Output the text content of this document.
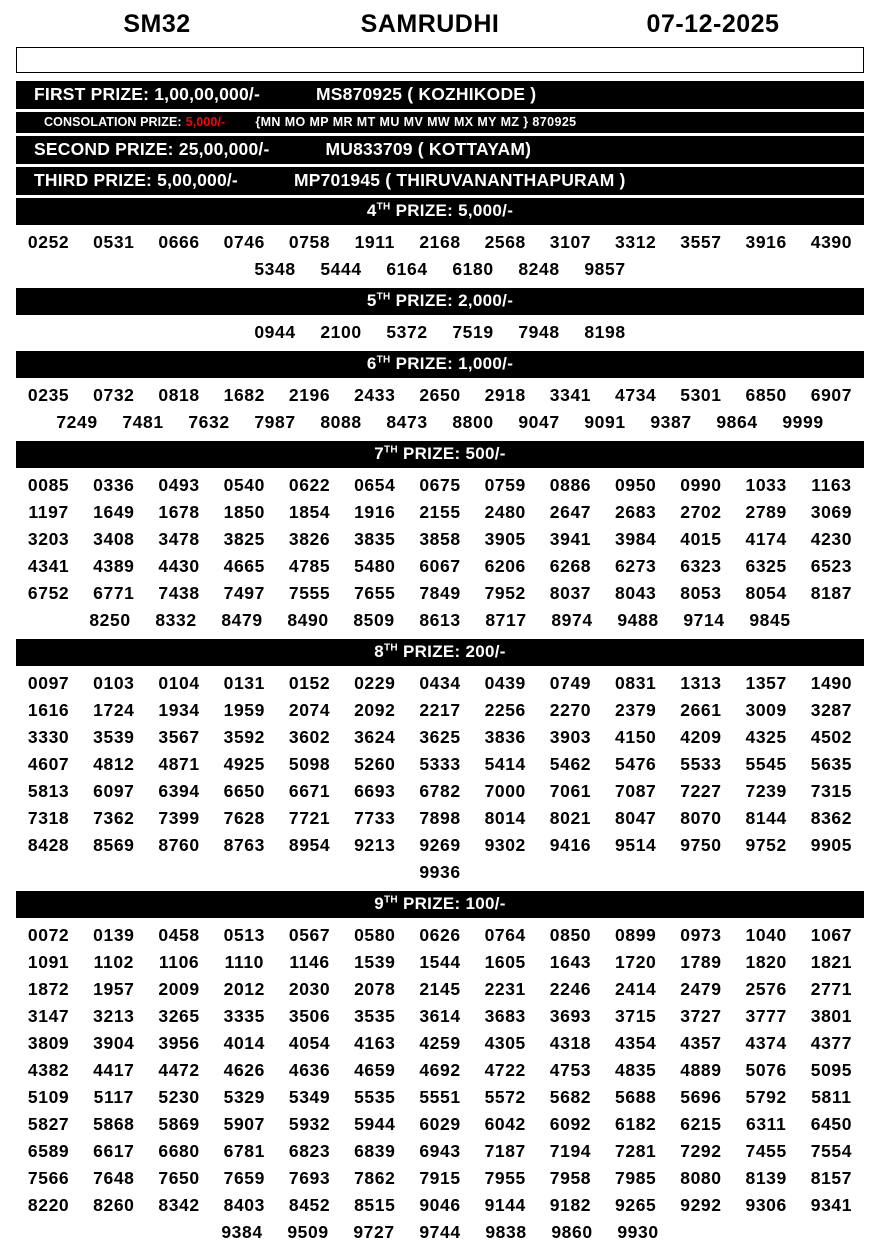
SM32	SAMRUDHI	07-12-2025
FIRST PRIZE: 1,00,00,000/-	MS870925 ( KOZHIKODE )
CONSOLATION PRIZE: 5,000/- {MN MO MP MR MT MU MV MW MX MY MZ } 870925
SECOND PRIZE: 25,00,000/-	MU833709 ( KOTTAYAM)
THIRD PRIZE: 5,00,000/-	MP701945 ( THIRUVANANTHAPURAM )
4TH PRIZE: 5,000/-
0252	0531	0666	0746	0758	1911	2168	2568	3107	3312	3557	3916	4390
5348	5444	6164	6180	8248	9857
5TH PRIZE: 2,000/-
0944	2100	5372	7519	7948	8198
6TH PRIZE: 1,000/-
0235	0732	0818	1682	2196	2433	2650	2918	3341	4734	5301	6850	6907
7249	7481	7632	7987	8088	8473	8800	9047	9091	9387	9864	9999
7TH PRIZE: 500/-
0085	0336	0493	0540	0622	0654	0675	0759	0886	0950	0990	1033	1163
1197	1649	1678	1850	1854	1916	2155	2480	2647	2683	2702	2789	3069
3203	3408	3478	3825	3826	3835	3858	3905	3941	3984	4015	4174	4230
4341	4389	4430	4665	4785	5480	6067	6206	6268	6273	6323	6325	6523
6752	6771	7438	7497	7555	7655	7849	7952	8037	8043	8053	8054	8187
8250	8332	8479	8490	8509	8613	8717	8974	9488	9714	9845
8TH PRIZE: 200/-
0097	0103	0104	0131	0152	0229	0434	0439	0749	0831	1313	1357	1490
1616	1724	1934	1959	2074	2092	2217	2256	2270	2379	2661	3009	3287
3330	3539	3567	3592	3602	3624	3625	3836	3903	4150	4209	4325	4502
4607	4812	4871	4925	5098	5260	5333	5414	5462	5476	5533	5545	5635
5813	6097	6394	6650	6671	6693	6782	7000	7061	7087	7227	7239	7315
7318	7362	7399	7628	7721	7733	7898	8014	8021	8047	8070	8144	8362
8428	8569	8760	8763	8954	9213	9269	9302	9416	9514	9750	9752	9905
9936
9TH PRIZE: 100/-
0072	0139	0458	0513	0567	0580	0626	0764	0850	0899	0973	1040	1067
1091	1102	1106	1110	1146	1539	1544	1605	1643	1720	1789	1820	1821
1872	1957	2009	2012	2030	2078	2145	2231	2246	2414	2479	2576	2771
3147	3213	3265	3335	3506	3535	3614	3683	3693	3715	3727	3777	3801
3809	3904	3956	4014	4054	4163	4259	4305	4318	4354	4357	4374	4377
4382	4417	4472	4626	4636	4659	4692	4722	4753	4835	4889	5076	5095
5109	5117	5230	5329	5349	5535	5551	5572	5682	5688	5696	5792	5811
5827	5868	5869	5907	5932	5944	6029	6042	6092	6182	6215	6311	6450
6589	6617	6680	6781	6823	6839	6943	7187	7194	7281	7292	7455	7554
7566	7648	7650	7659	7693	7862	7915	7955	7958	7985	8080	8139	8157
8220	8260	8342	8403	8452	8515	9046	9144	9182	9265	9292	9306	9341
9384	9509	9727	9744	9838	9860	9930
